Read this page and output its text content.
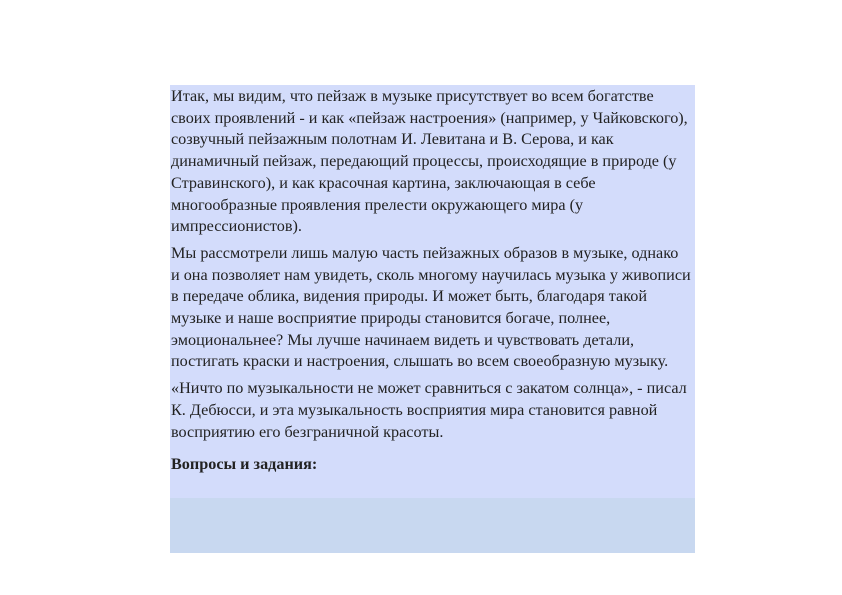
Итак, мы видим, что пейзаж в музыке присутствует во всем богатстве своих проявлений - и как «пейзаж настроения» (например, у Чайковского), созвучный пейзажным полотнам И. Левитана и В. Серова, и как динамичный пейзаж, передающий процессы, происходящие в природе (у Стравинского), и как красочная картина, заключающая в себе многообразные проявления прелести окружающего мира (у импрессионистов).

Мы рассмотрели лишь малую часть пейзажных образов в музыке, однако и она позволяет нам увидеть, сколь многому научилась музыка у живописи в передаче облика, видения природы. И может быть, благодаря такой музыке и наше восприятие природы становится богаче, полнее, эмоциональнее? Мы лучше начинаем видеть и чувствовать детали, постигать краски и настроения, слышать во всем своеобразную музыку.

«Ничто по музыкальности не может сравниться с закатом солнца», - писал К. Дебюсси, и эта музыкальность восприятия мира становится равной восприятию его безграничной красоты.

Вопросы и задания:
